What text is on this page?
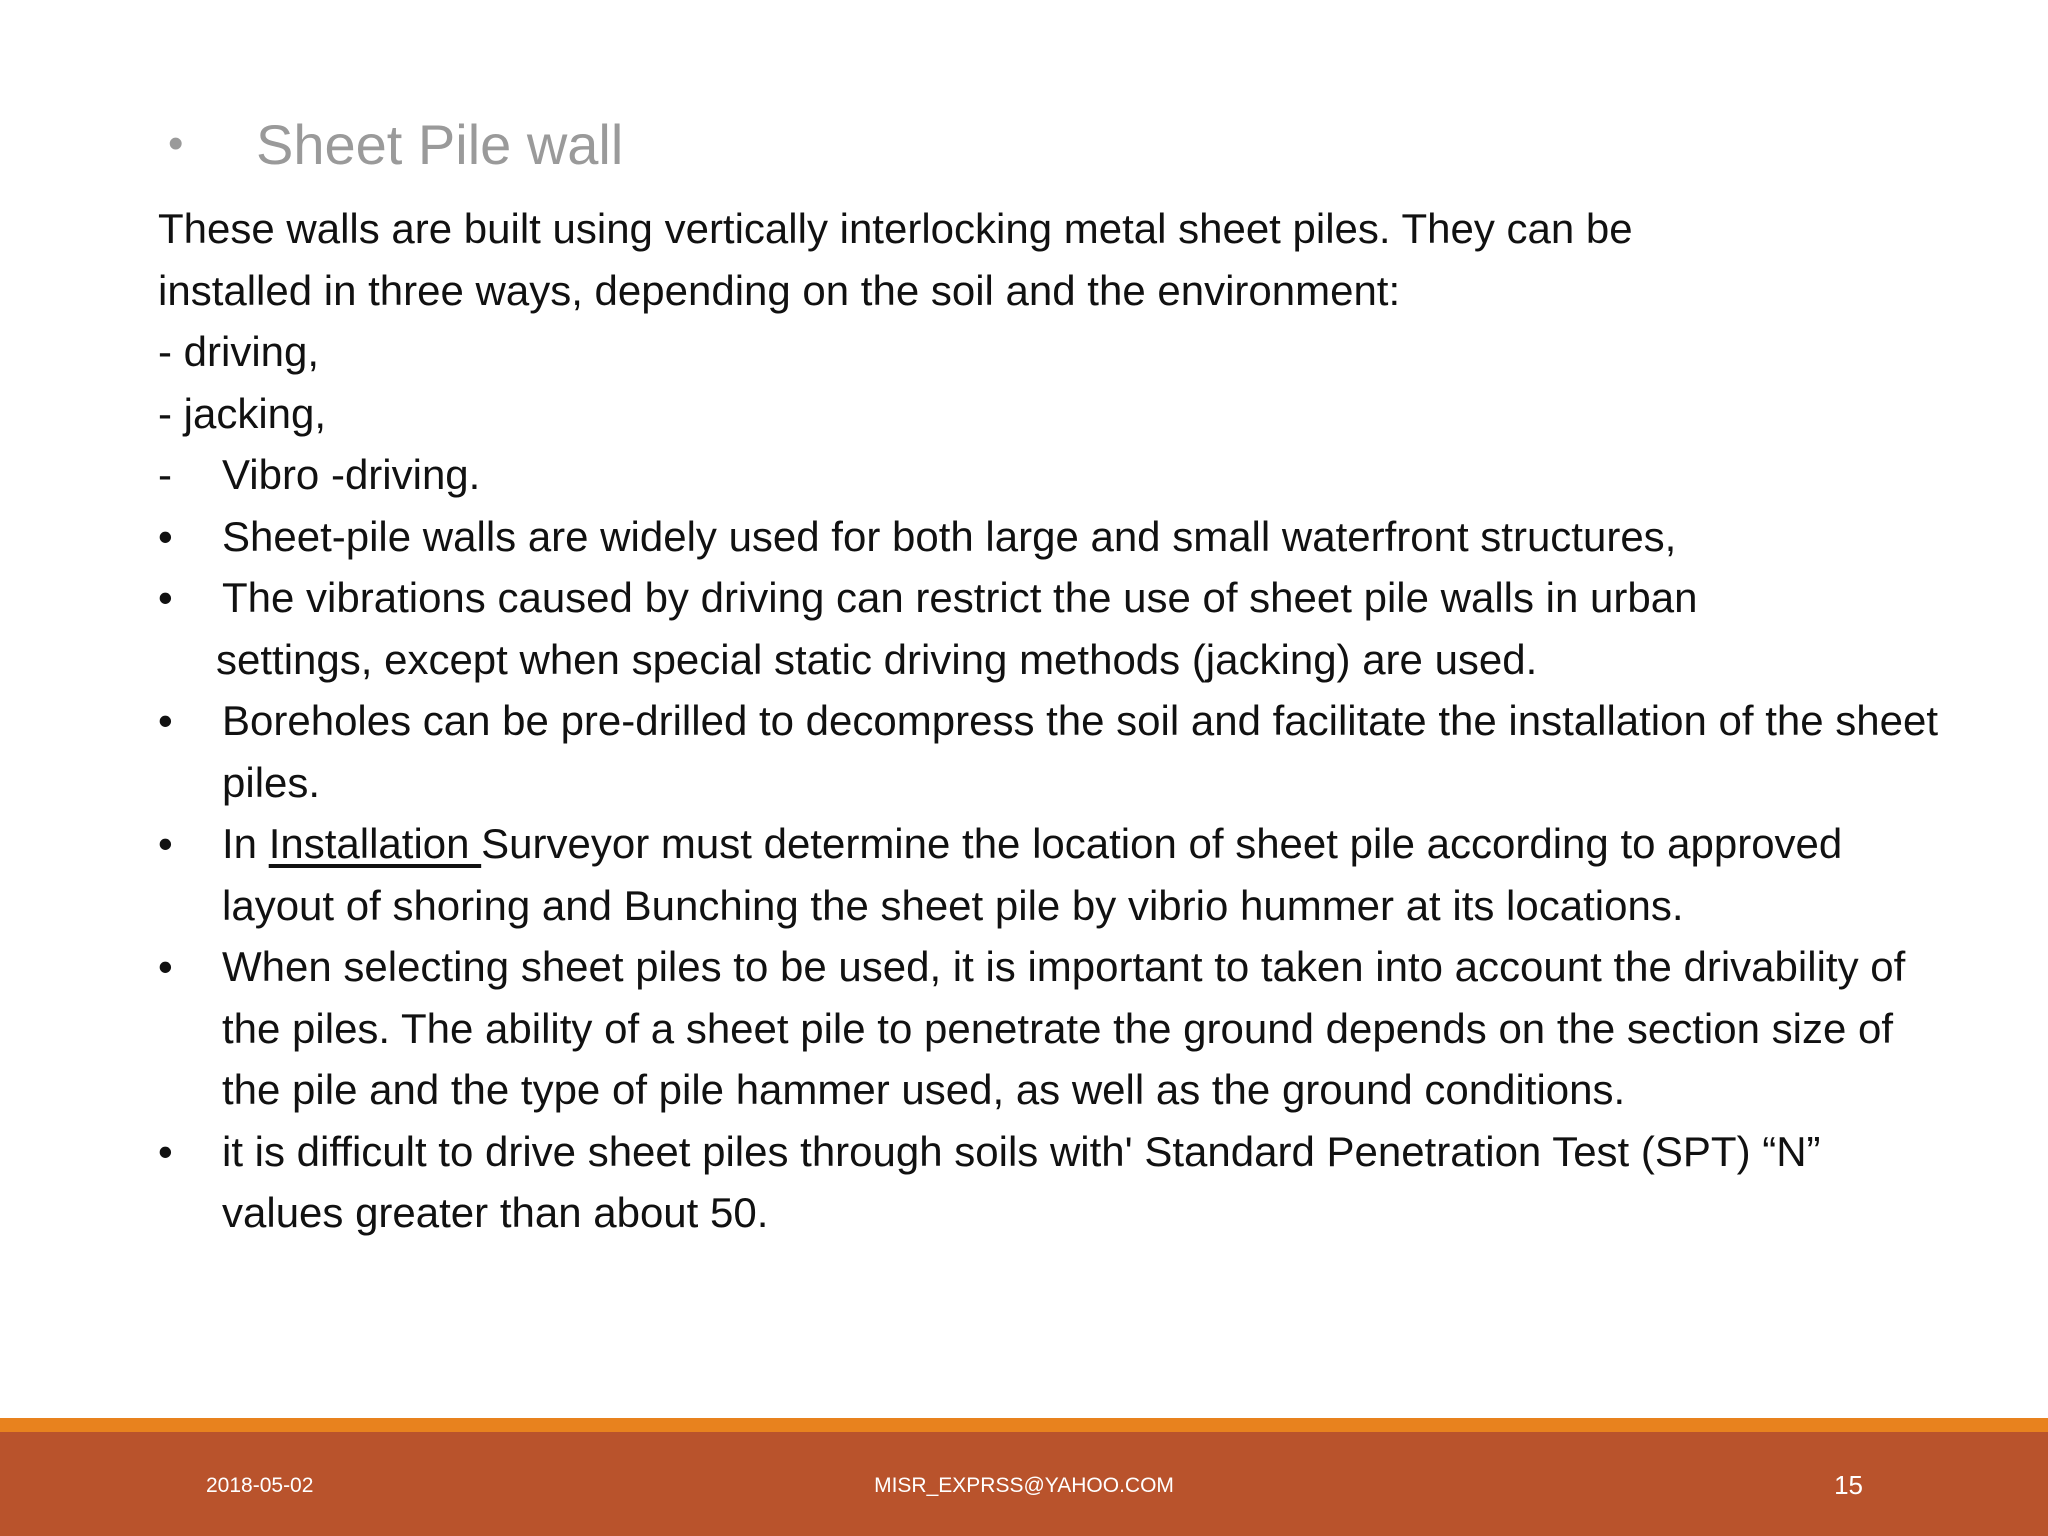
•	Sheet Pile wall
These walls are built using vertically interlocking metal sheet piles. They can be
installed in three ways, depending on the soil and the environment:
- driving,
- jacking,
-	Vibro -driving.
•	Sheet-pile walls are widely used for both large and small waterfront structures,
•	The vibrations caused by driving can restrict the use of sheet pile walls in urban
settings, except when special static driving methods (jacking) are used.
•	Boreholes can be pre-drilled to decompress the soil and facilitate the installation of the sheet piles.
•	In Installation Surveyor must determine the location of sheet pile according to approved layout of shoring and Bunching the sheet pile by vibrio hummer at its locations.
•	When selecting sheet piles to be used, it is important to taken into account the drivability of the piles. The ability of a sheet pile to penetrate the ground depends on the section size of the pile and the type of pile hammer used, as well as the ground conditions.
•	it is difficult to drive sheet piles through soils with' Standard Penetration Test (SPT) “N” values greater than about 50.
2018-05-02	MISR_EXPRSS@YAHOO.COM	15
